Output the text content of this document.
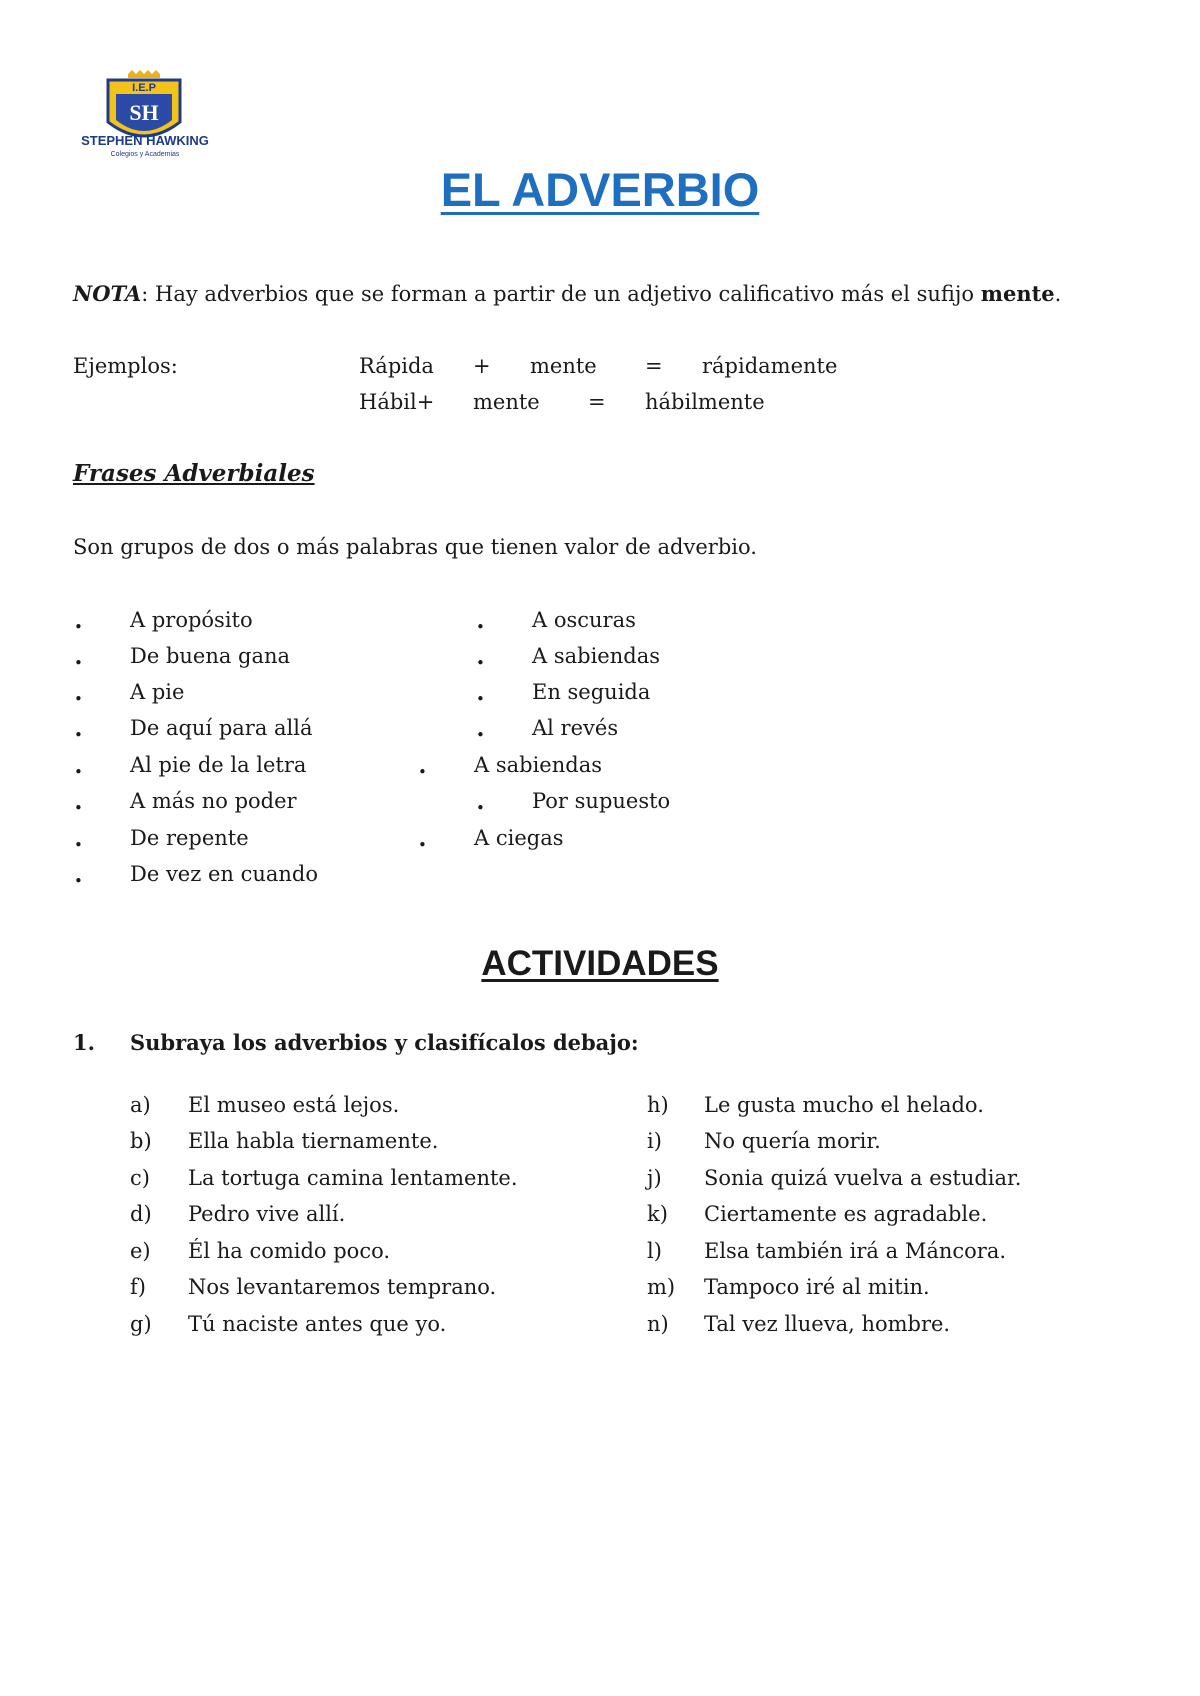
I.E.P
SH
STEPHEN HAWKING
Colegios y Academias
EL ADVERBIO
NOTA: Hay adverbios que se forman a partir de un adjetivo calificativo más el sufijo mente.
Ejemplos:	Rápida + mente = rápidamente
Hábil+ mente = hábilmente
Frases Adverbiales
Son grupos de dos o más palabras que tienen valor de adverbio.
• A propósito
• De buena gana
• A pie
• De aquí para allá
• Al pie de la letra
• A más no poder
• De repente
• De vez en cuando
• A oscuras
• A sabiendas
• En seguida
• Al revés
• A sabiendas
• Por supuesto
• A ciegas
ACTIVIDADES
1. Subraya los adverbios y clasifícalos debajo:
a) El museo está lejos.
b) Ella habla tiernamente.
c) La tortuga camina lentamente.
d) Pedro vive allí.
e) Él ha comido poco.
f) Nos levantaremos temprano.
g) Tú naciste antes que yo.
h) Le gusta mucho el helado.
i) No quería morir.
j) Sonia quizá vuelva a estudiar.
k) Ciertamente es agradable.
l) Elsa también irá a Máncora.
m) Tampoco iré al mitin.
n) Tal vez llueva, hombre.
